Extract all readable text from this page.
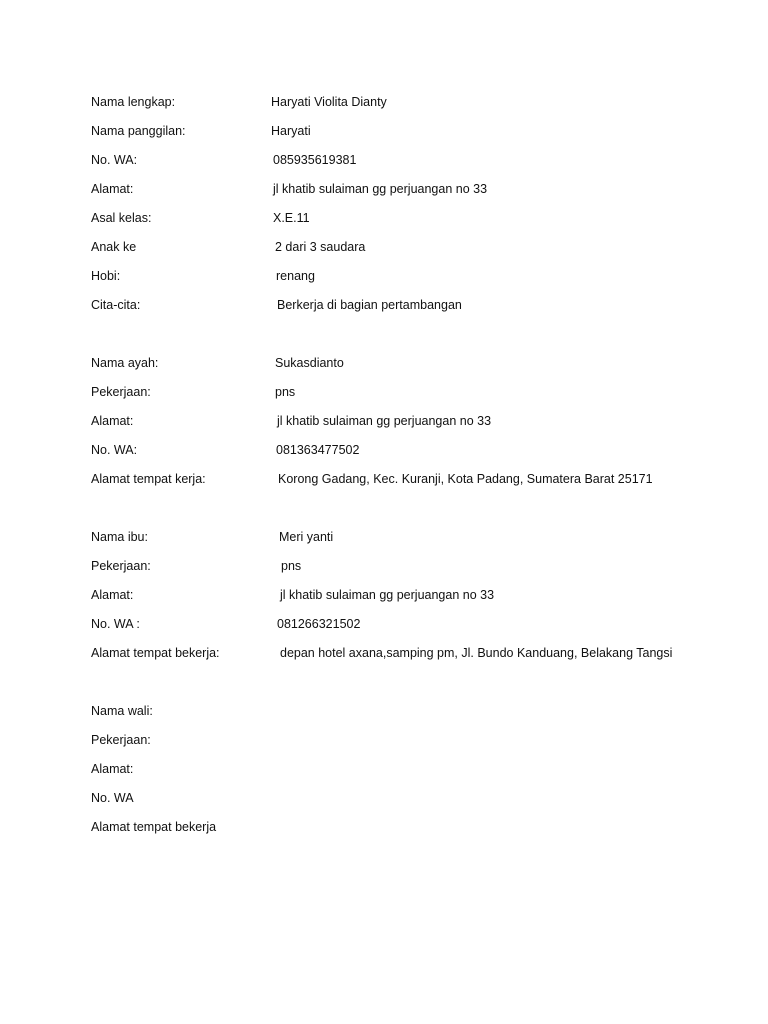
Nama lengkap:	Haryati Violita Dianty
Nama panggilan:	Haryati
No. WA:	085935619381
Alamat:	jl khatib sulaiman gg perjuangan no 33
Asal kelas:	X.E.11
Anak ke	2 dari 3 saudara
Hobi:	renang
Cita-cita:	Berkerja di bagian pertambangan
Nama ayah:	Sukasdianto
Pekerjaan:	pns
Alamat:	jl khatib sulaiman gg perjuangan no 33
No. WA:	081363477502
Alamat tempat kerja:	Korong Gadang, Kec. Kuranji, Kota Padang, Sumatera Barat 25171
Nama ibu:	Meri yanti
Pekerjaan:	pns
Alamat:	jl khatib sulaiman gg perjuangan no 33
No. WA :	081266321502
Alamat tempat bekerja:	depan hotel axana,samping pm, Jl. Bundo Kanduang, Belakang Tangsi
Nama wali:
Pekerjaan:
Alamat:
No. WA
Alamat tempat bekerja
